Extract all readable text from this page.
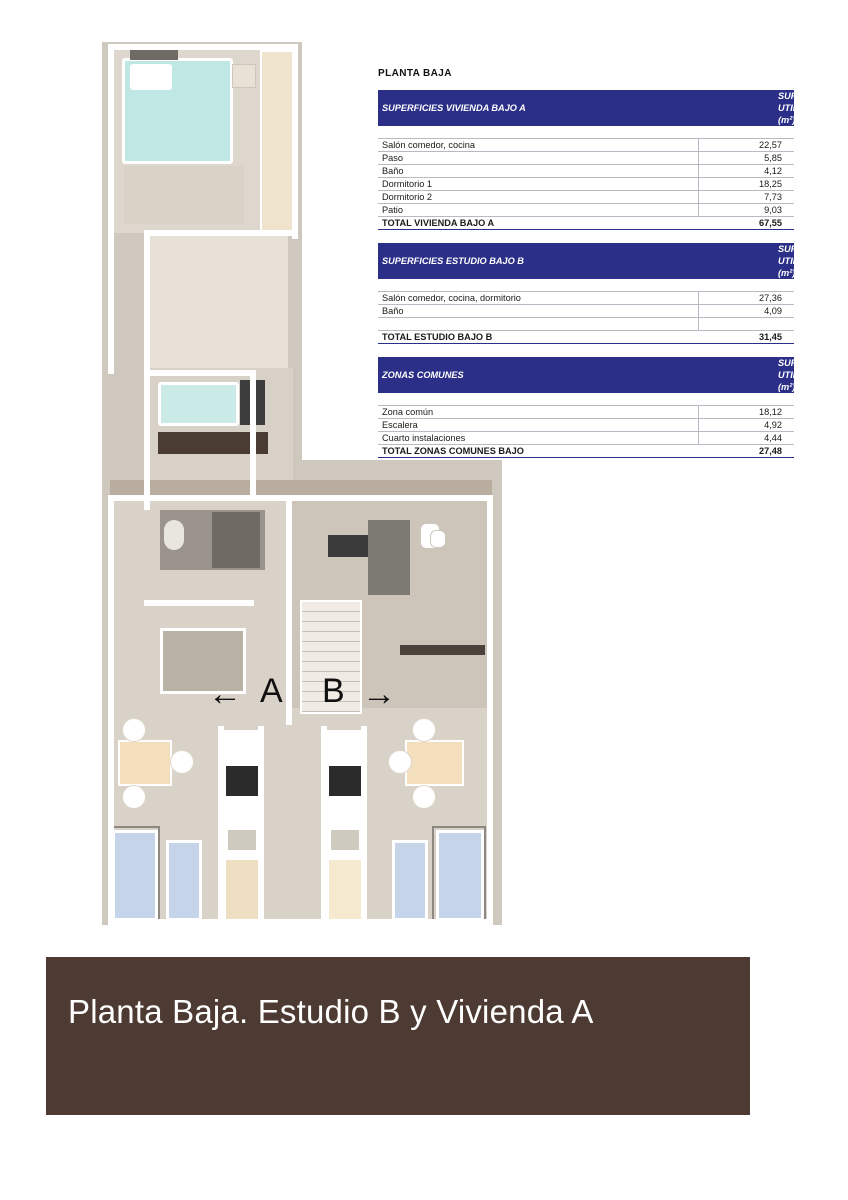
← A B →
PLANTA BAJA
SUPERFICIES VIVIENDA BAJO A	SUPERFICIES UTILES (m²)

Salón comedor, cocina	22,57
Paso	5,85
Baño	4,12
Dormitorio 1	18,25
Dormitorio 2	7,73
Patio	9,03
TOTAL VIVIENDA BAJO A	67,55
SUPERFICIES ESTUDIO BAJO B	SUPERFICIES UTILES (m²)

Salón comedor, cocina, dormitorio	27,36
Baño	4,09

TOTAL ESTUDIO BAJO B	31,45
ZONAS COMUNES	SUPERFICIES UTILES (m²)

Zona común	18,12
Escalera	4,92
Cuarto instalaciones	4,44
TOTAL ZONAS COMUNES BAJO	27,48
Planta Baja. Estudio B y Vivienda A
